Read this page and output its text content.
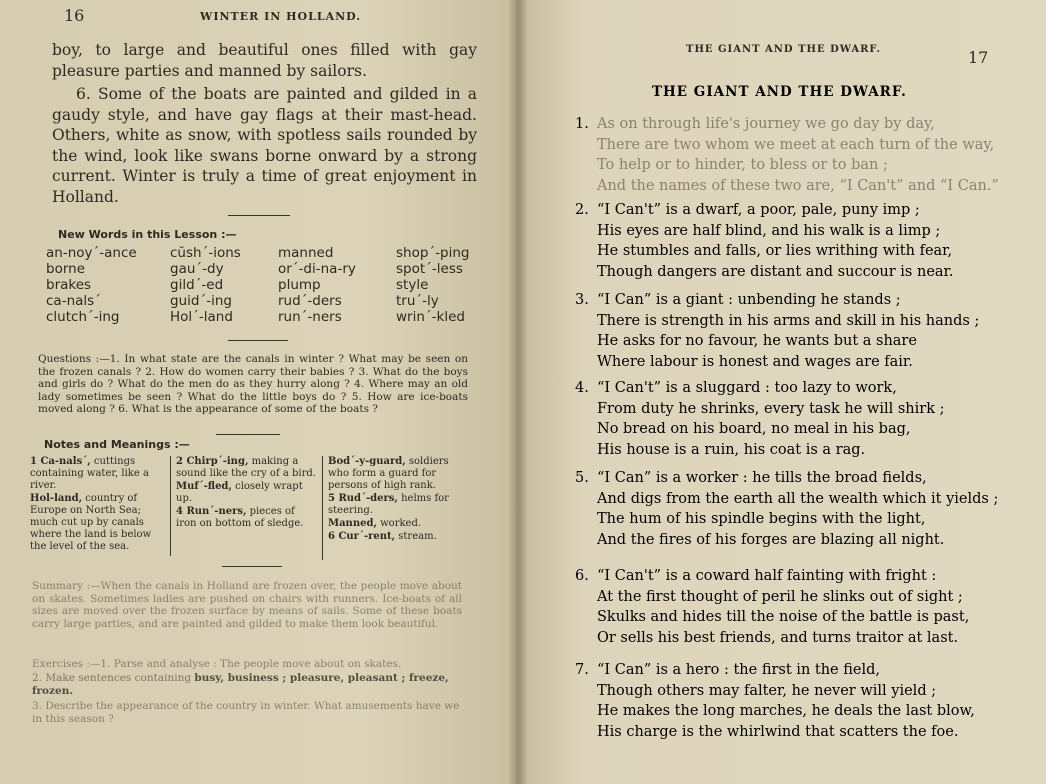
16	WINTER IN HOLLAND.

boy, to large and beautiful ones filled with gay pleasure parties and manned by sailors.

6. Some of the boats are painted and gilded in a gaudy style, and have gay flags at their mast-head. Others, white as snow, with spotless sails rounded by the wind, look like swans borne onward by a strong current. Winter is truly a time of great enjoyment in Holland.

New Words in this Lesson :—
an-noy´-ance
borne
brakes
ca-nals´
clutch´-ing
cŭsh´-ions
gau´-dy
gild´-ed
guid´-ing
Hol´-land
manned
or´-di-na-ry
plump
rud´-ders
run´-ners
shop´-ping
spot´-less
style
tru´-ly
wrin´-kled
Questions :—1. In what state are the canals in winter ? What may be seen on the frozen canals ? 2. How do women carry their babies ? 3. What do the boys and girls do ? What do the men do as they hurry along ? 4. Where may an old lady sometimes be seen ? What do the little boys do ? 5. How are ice-boats moved along ? 6. What is the appearance of some of the boats ?
Notes and Meanings :—

1 Ca-nals´, cuttings containing water, like a river.

Hol-land, country of Europe on North Sea; much cut up by canals where the land is below the level of the sea.

2 Chirp´-ing, making a sound like the cry of a bird.

Muf´-fled, closely wrapt up.

4 Run´-ners, pieces of iron on bottom of sledge.

Bod´-y-guard, soldiers who form a guard for persons of high rank.

5 Rud´-ders, helms for steering.

Manned, worked.

6 Cur´-rent, stream.

Summary :—When the canals in Holland are frozen over, the people move about on skates. Sometimes ladies are pushed on chairs with runners. Ice-boats of all sizes are moved over the frozen surface by means of sails. Some of these boats carry large parties, and are painted and gilded to make them look beautiful.
Exercises :—1. Parse and analyse : The people move about on skates.
2. Make sentences containing busy, business ; pleasure, pleasant ; freeze, frozen.
3. Describe the appearance of the country in winter. What amusements have we in this season ?
THE GIANT AND THE DWARF.	17
THE GIANT AND THE DWARF.
1. As on through life's journey we go day by day,
There are two whom we meet at each turn of the way,
To help or to hinder, to bless or to ban ;
And the names of these two are, “I Can't” and “I Can.”
2. “I Can't” is a dwarf, a poor, pale, puny imp ;
His eyes are half blind, and his walk is a limp ;
He stumbles and falls, or lies writhing with fear,
Though dangers are distant and succour is near.
3. “I Can” is a giant : unbending he stands ;
There is strength in his arms and skill in his hands ;
He asks for no favour, he wants but a share
Where labour is honest and wages are fair.
4. “I Can't” is a sluggard : too lazy to work,
From duty he shrinks, every task he will shirk ;
No bread on his board, no meal in his bag,
His house is a ruin, his coat is a rag.
5. “I Can” is a worker : he tills the broad fields,
And digs from the earth all the wealth which it yields ;
The hum of his spindle begins with the light,
And the fires of his forges are blazing all night.
6. “I Can't” is a coward half fainting with fright :
At the first thought of peril he slinks out of sight ;
Skulks and hides till the noise of the battle is past,
Or sells his best friends, and turns traitor at last.
7. “I Can” is a hero : the first in the field,
Though others may falter, he never will yield ;
He makes the long marches, he deals the last blow,
His charge is the whirlwind that scatters the foe.
